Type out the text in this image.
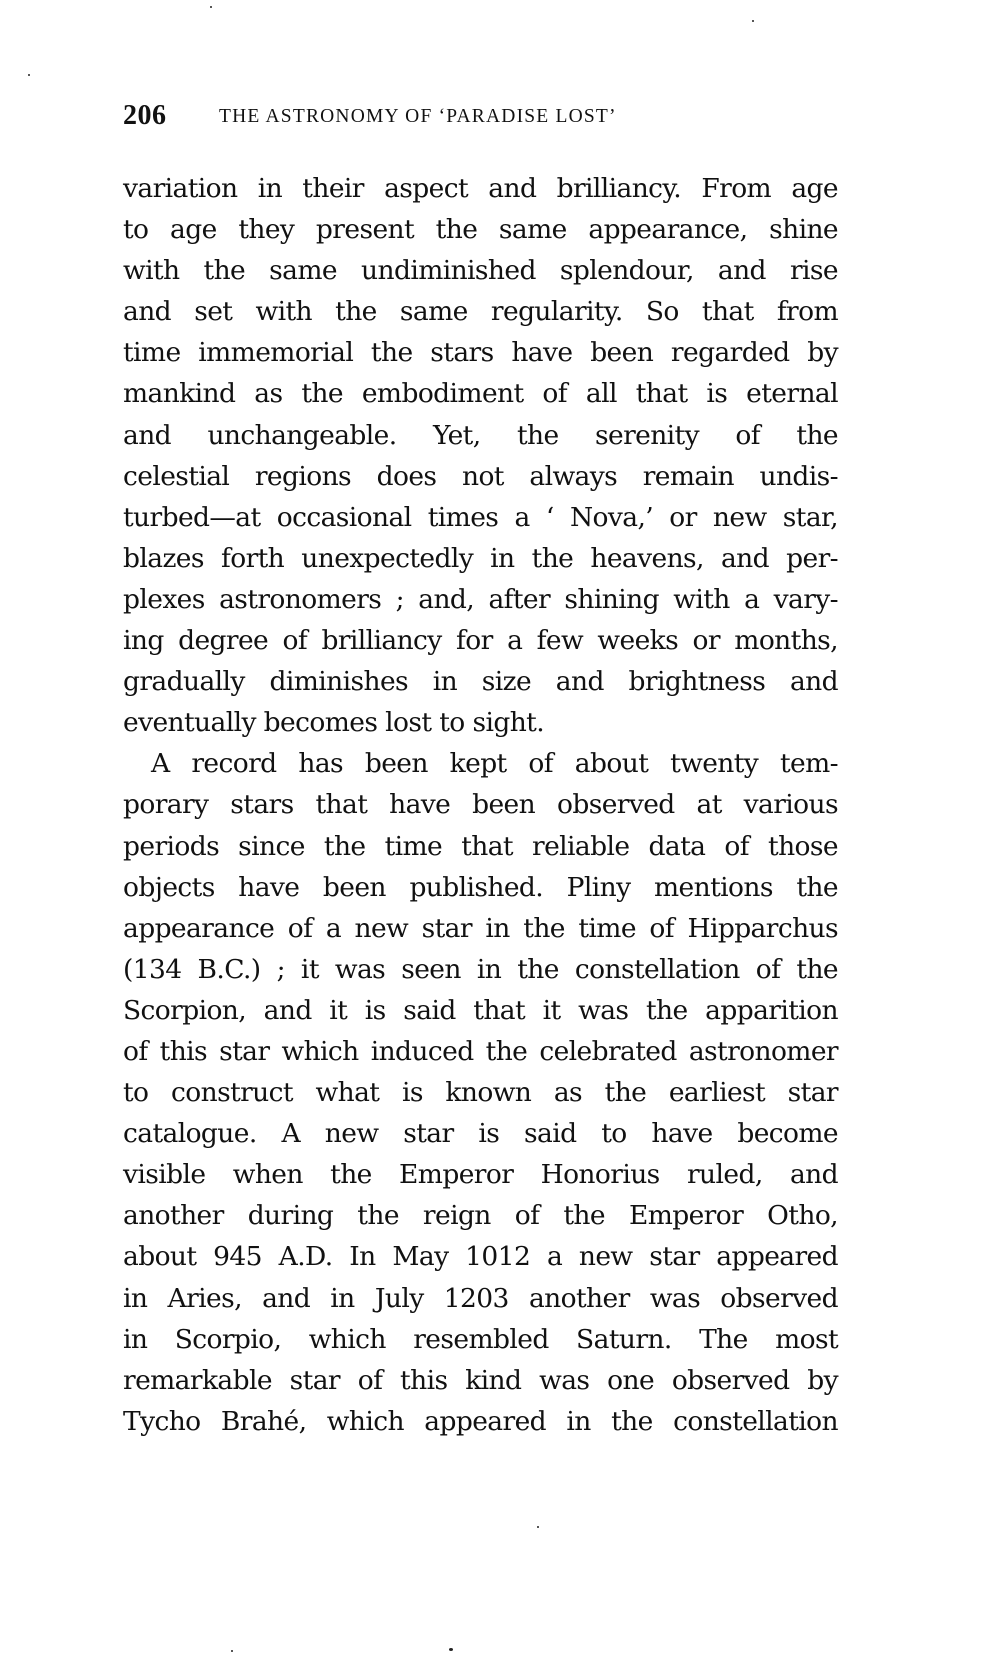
206	THE ASTRONOMY OF ‘PARADISE LOST’
variation in their aspect and brilliancy. From age
to age they present the same appearance, shine
with the same undiminished splendour, and rise
and set with the same regularity. So that from
time immemorial the stars have been regarded by
mankind as the embodiment of all that is eternal
and unchangeable. Yet, the serenity of the
celestial regions does not always remain undis-
turbed—at occasional times a ‘ Nova,’ or new star,
blazes forth unexpectedly in the heavens, and per-
plexes astronomers ; and, after shining with a vary-
ing degree of brilliancy for a few weeks or months,
gradually diminishes in size and brightness and
eventually becomes lost to sight.
A record has been kept of about twenty tem-
porary stars that have been observed at various
periods since the time that reliable data of those
objects have been published. Pliny mentions the
appearance of a new star in the time of Hipparchus
(134 B.C.) ; it was seen in the constellation of the
Scorpion, and it is said that it was the apparition
of this star which induced the celebrated astronomer
to construct what is known as the earliest star
catalogue. A new star is said to have become
visible when the Emperor Honorius ruled, and
another during the reign of the Emperor Otho,
about 945 A.D. In May 1012 a new star appeared
in Aries, and in July 1203 another was observed
in Scorpio, which resembled Saturn. The most
remarkable star of this kind was one observed by
Tycho Brahé, which appeared in the constellation
